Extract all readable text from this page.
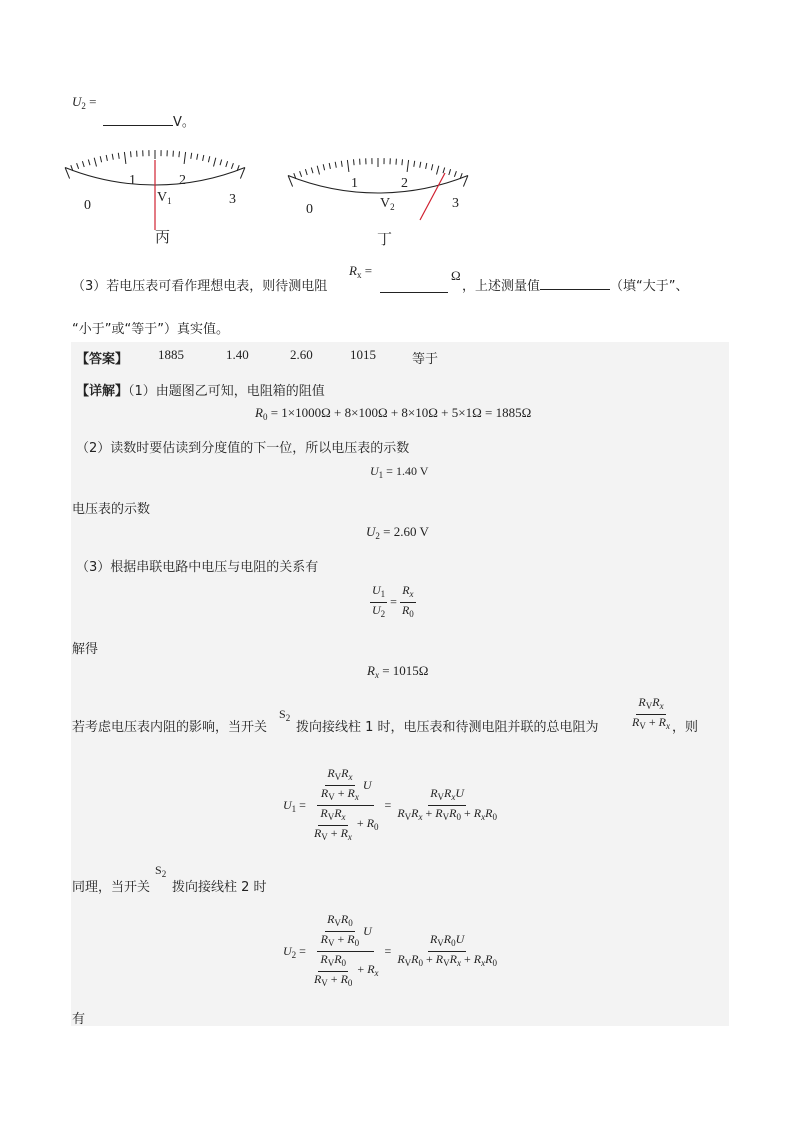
$U_2$ =
V。
0
1	2
3
$V_1$
丙
0
1	2
3
$V_2$
丁
（3）若电压表可看作理想电表，则待测电阻
$R_x$ =	Ω
，上述测量值	（填“大于”、
“小于”或“等于”）真实值。
【答案】 1885	1.40	2.60	1015	等于
【详解】（1）由题图乙可知，电阻箱的阻值
$R_0 = 1\times 1000\Omega + 8\times 100\Omega + 8\times 10\Omega + 5\times 1\Omega = 1885\Omega$
（2）读数时要估读到分度值的下一位，所以电压表的示数
$U_1 = 1.40$ V
电压表的示数
$U_2 = 2.60$ V
（3）根据串联电路中电压与电阻的关系有
$\frac{U_1}{U_2} = \frac{R_x}{R_0}$
解得
$R_x = 1015\Omega$
若考虑电压表内阻的影响，当开关
$S_2$
拨向接线柱 1 时，电压表和待测电阻并联的总电阻为	$\frac{R_VR_x}{R_V + R_x}$ ，则
$U_1 = \frac{\frac{R_VR_x}{R_V + R_x} U}{\frac{R_VR_x}{R_V + R_x} + R_0} = \frac{R_VR_xU}{R_VR_x + R_VR_0 + R_xR_0}$
同理，当开关
$S_2$
拨向接线柱 2 时
$U_2 = \frac{\frac{R_VR_0}{R_V + R_0} U}{\frac{R_VR_0}{R_V + R_0} + R_x} = \frac{R_VR_0U}{R_VR_0 + R_VR_x + R_xR_0}$
有
